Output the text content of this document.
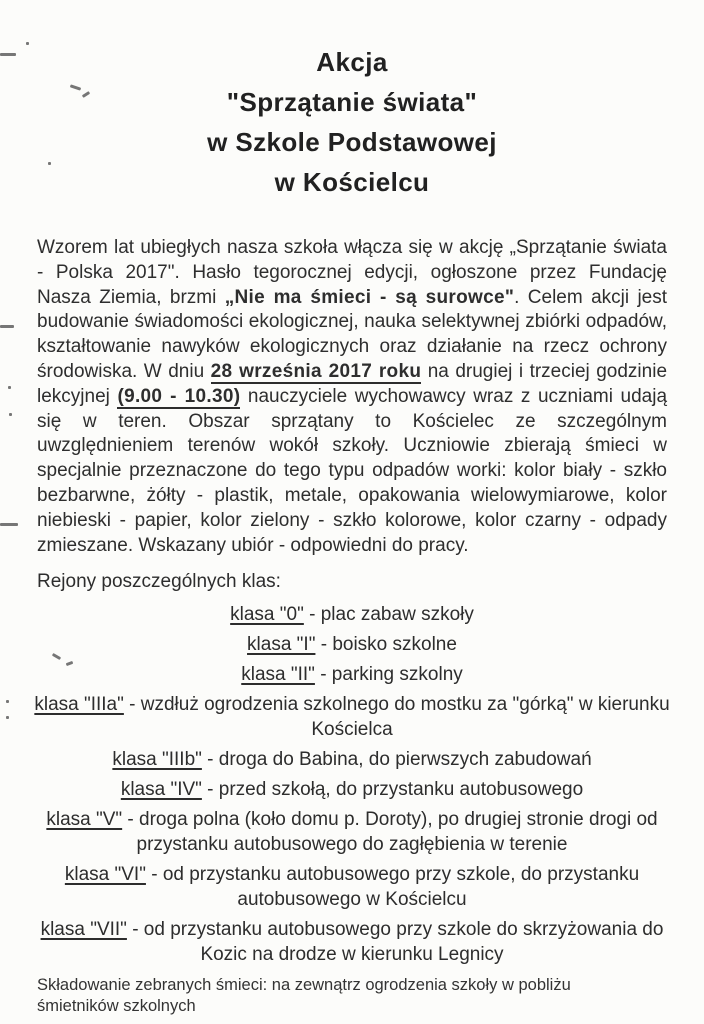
Akcja
"Sprzątanie świata"
w Szkole Podstawowej
w Kościelcu
Wzorem lat ubiegłych nasza szkoła włącza się w akcję „Sprzątanie świata - Polska 2017". Hasło tegorocznej edycji, ogłoszone przez Fundację Nasza Ziemia, brzmi „Nie ma śmieci - są surowce". Celem akcji jest budowanie świadomości ekologicznej, nauka selektywnej zbiórki odpadów, kształtowanie nawyków ekologicznych oraz działanie na rzecz ochrony środowiska. W dniu 28 września 2017 roku na drugiej i trzeciej godzinie lekcyjnej (9.00 - 10.30) nauczyciele wychowawcy wraz z uczniami udają się w teren. Obszar sprzątany to Kościelec ze szczególnym uwzględnieniem terenów wokół szkoły. Uczniowie zbierają śmieci w specjalnie przeznaczone do tego typu odpadów worki: kolor biały - szkło bezbarwne, żółty - plastik, metale, opakowania wielowymiarowe, kolor niebieski - papier, kolor zielony - szkło kolorowe, kolor czarny - odpady zmieszane. Wskazany ubiór - odpowiedni do pracy.
Rejony poszczególnych klas:
klasa "0" - plac zabaw szkoły
klasa "I" - boisko szkolne
klasa "II" - parking szkolny
klasa "IIIa" - wzdłuż ogrodzenia szkolnego do mostku za "górką" w kierunku Kościelca
klasa "IIIb" - droga do Babina, do pierwszych zabudowań
klasa "IV" - przed szkołą, do przystanku autobusowego
klasa "V" - droga polna (koło domu p. Doroty), po drugiej stronie drogi od przystanku autobusowego do zagłębienia w terenie
klasa "VI" - od przystanku autobusowego przy szkole, do przystanku autobusowego w Kościelcu
klasa "VII" - od przystanku autobusowego przy szkole do skrzyżowania do Kozic na drodze w kierunku Legnicy
Składowanie zebranych śmieci: na zewnątrz ogrodzenia szkoły w pobliżu śmietników szkolnych
